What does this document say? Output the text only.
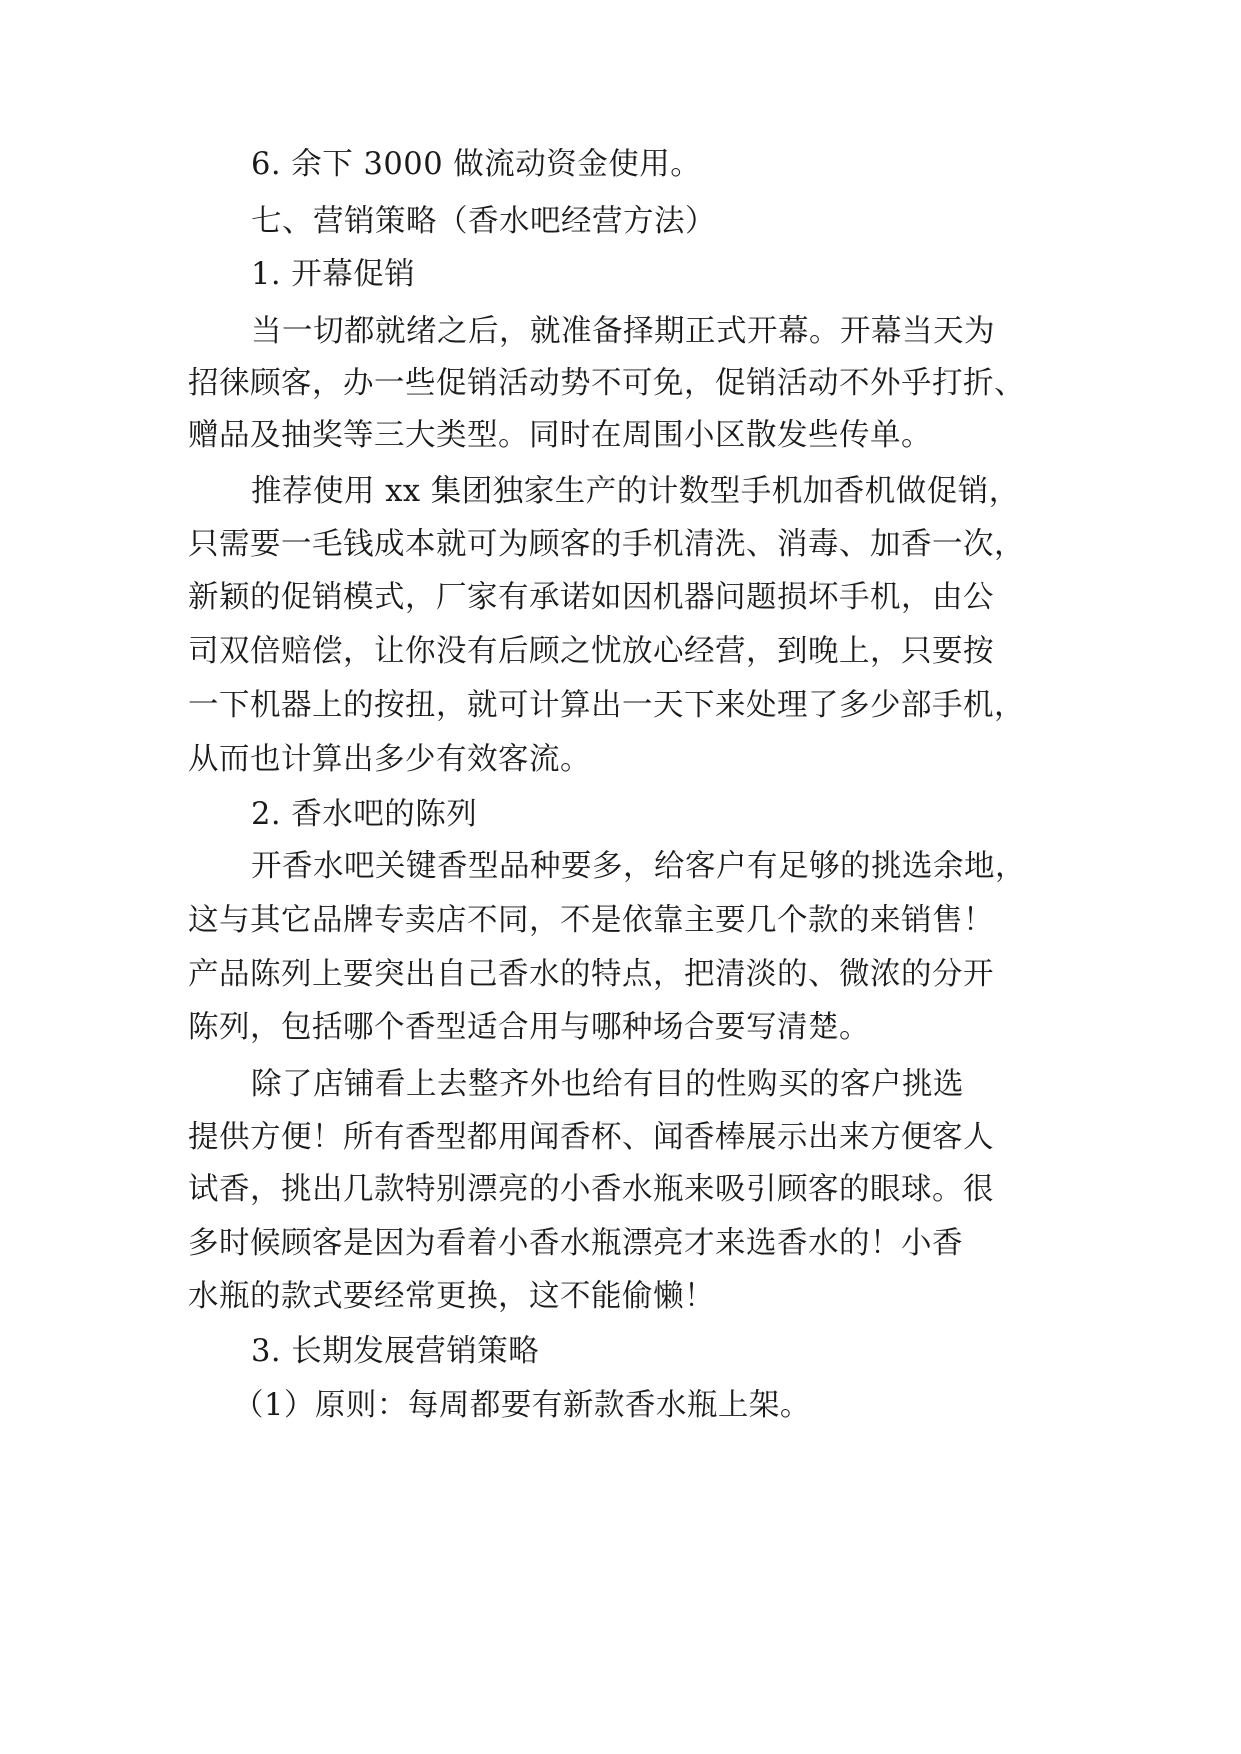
6. 余下 3000 做流动资金使用。
七、营销策略（香水吧经营方法）
1. 开幕促销
当一切都就绪之后，就准备择期正式开幕。开幕当天为
招徕顾客，办一些促销活动势不可免，促销活动不外乎打折、
赠品及抽奖等三大类型。同时在周围小区散发些传单。
推荐使用 xx 集团独家生产的计数型手机加香机做促销，
只需要一毛钱成本就可为顾客的手机清洗、消毒、加香一次，
新颖的促销模式，厂家有承诺如因机器问题损坏手机，由公
司双倍赔偿，让你没有后顾之忧放心经营，到晚上，只要按
一下机器上的按扭，就可计算出一天下来处理了多少部手机，
从而也计算出多少有效客流。
2. 香水吧的陈列
开香水吧关键香型品种要多，给客户有足够的挑选余地，
这与其它品牌专卖店不同，不是依靠主要几个款的来销售！
产品陈列上要突出自己香水的特点，把清淡的、微浓的分开
陈列，包括哪个香型适合用与哪种场合要写清楚。
除了店铺看上去整齐外也给有目的性购买的客户挑选
提供方便！所有香型都用闻香杯、闻香棒展示出来方便客人
试香，挑出几款特别漂亮的小香水瓶来吸引顾客的眼球。很
多时候顾客是因为看着小香水瓶漂亮才来选香水的！小香
水瓶的款式要经常更换，这不能偷懒！
3. 长期发展营销策略
（1）原则：每周都要有新款香水瓶上架。
